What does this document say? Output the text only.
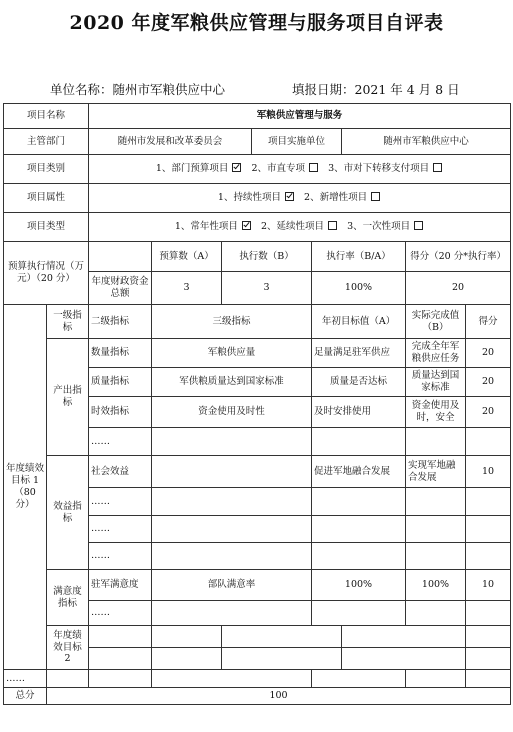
2020 年度军粮供应管理与服务项目自评表
单位名称：随州市军粮供应中心	填报日期：2021 年 4 月 8 日
项目名称		军粮供应管理与服务								
主管部门		随州市发展和改革委员会			项目实施单位		随州市军粮供应中心			
项目类别		1、部门预算项目 2、市直专项 3、市对下转移支付项目								
项目属性		1、持续性项目 2、新增性项目								
项目类型		1、常年性项目 2、延续性项目 3、一次性项目								
预算执行情况（万元）（20 分）			预算数（A）	执行数（B）		执行率（B/A）		得分（20 分*执行率）		
		年度财政资金总额	3	3		100%		20		
年度绩效目标 1（80 分）	一级指标	二级指标	三级指标			年初目标值（A）		实际完成值（B）	得分	
	产出指标	数量指标	军粮供应量			足量满足驻军供应		完成全年军粮供应任务	20	
		质量指标	军供粮质量达到国家标准			质量是否达标		质量达到国家标准	20	
		时效指标	资金使用及时性			及时安排使用		资金使用及时，安全	20	
		……								
	效益指标	社会效益				促进军地融合发展		实现军地融合发展	10	
		……								
		……								
		……								
	满意度指标	驻军满意度	部队满意率			100%		100%	10	
		……								
	年度绩效目标 2									

……										
总分	100									
